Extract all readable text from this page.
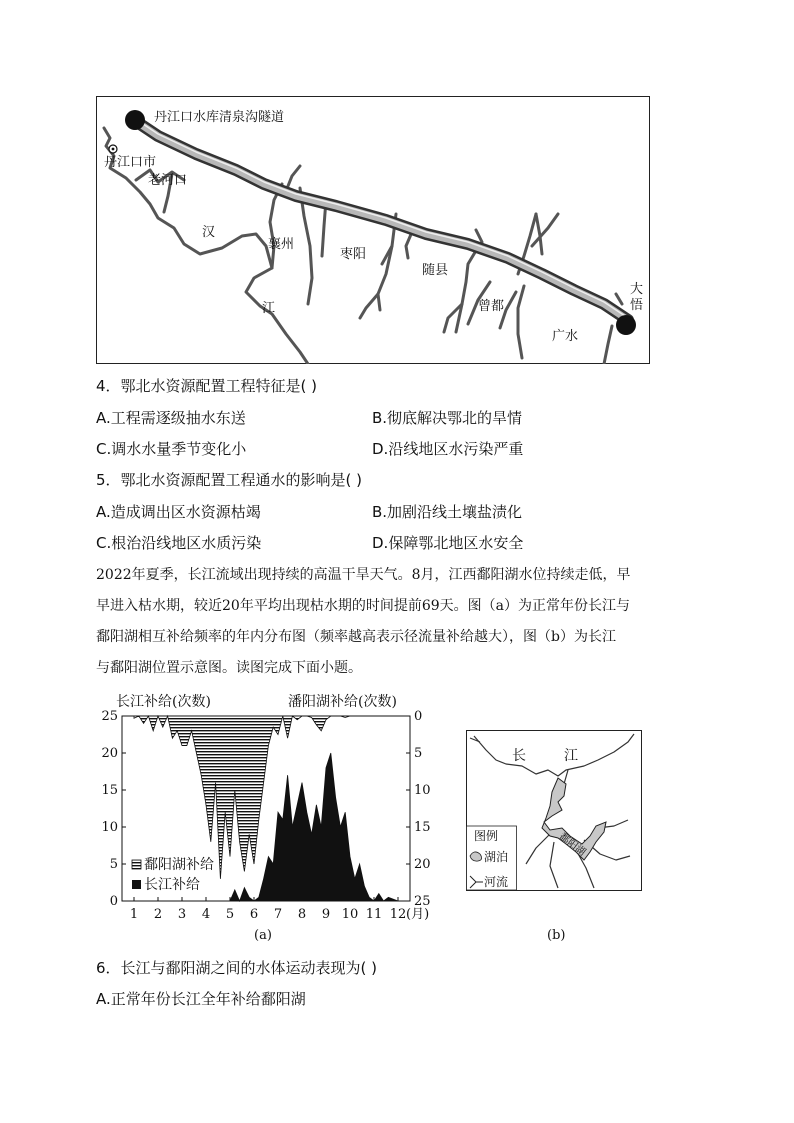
丹江口水库清泉沟隧道
丹江口市
老河口
汉
襄州
江
枣阳
随县
曾都
广水
大
悟
4．鄂北水资源配置工程特征是( )
A.工程需逐级抽水东送	B.彻底解决鄂北的旱情
C.调水水量季节变化小	D.沿线地区水污染严重
5．鄂北水资源配置工程通水的影响是( )
A.造成调出区水资源枯竭	B.加剧沿线土壤盐渍化
C.根治沿线地区水质污染	D.保障鄂北地区水安全
2022年夏季，长江流域出现持续的高温干旱天气。8月，江西鄱阳湖水位持续走低，早
早进入枯水期，较近20年平均出现枯水期的时间提前69天。图（a）为正常年份长江与
鄱阳湖相互补给频率的年内分布图（频率越高表示径流量补给越大），图（b）为长江
与鄱阳湖位置示意图。读图完成下面小题。
长江补给(次数)	潘阳湖补给(次数)
0
5
10
15
20
25	0
5
10
15
20
25
1 2 3 4 5 6 7 8 9 10 11 12 (月)
鄱阳湖补给
长江补给
(a)
鄱阳湖
长	江
图例
湖泊
河流
(b)
6．长江与鄱阳湖之间的水体运动表现为( )
A.正常年份长江全年补给鄱阳湖
